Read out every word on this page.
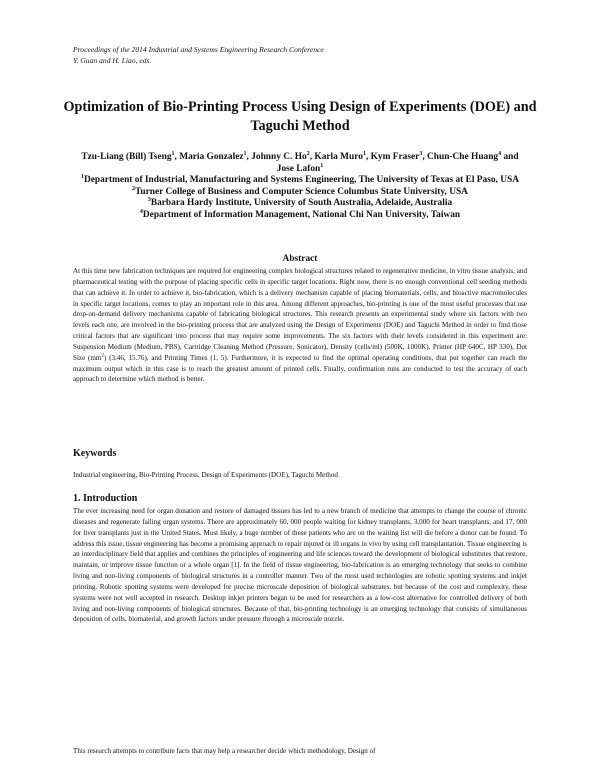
Proceedings of the 2014 Industrial and Systems Engineering Research Conference
Y. Guan and H. Liao, eds.
Optimization of Bio-Printing Process Using Design of Experiments (DOE) and Taguchi Method
Tzu-Liang (Bill) Tseng$^1$, Maria Gonzalez$^1$, Johnny C. Ho$^2$, Karla Muro$^1$, Kym Fraser$^3$, Chun-Che Huang$^4$ and Jose Lafon$^1$
$^1$Department of Industrial, Manufacturing and Systems Engineering, The University of Texas at El Paso, USA
$^2$Turner College of Business and Computer Science Columbus State University, USA
$^3$Barbara Hardy Institute, University of South Australia, Adelaide, Australia
$^4$Department of Information Management, National Chi Nan University, Taiwan
Abstract
At this time new fabrication techniques are required for engineering complex biological structures related to regenerative medicine, in vitro tissue analysis, and pharmaceutical testing with the purpose of placing specific cells in specific target locations. Right now, there is no enough conventional cell seeding methods that can achieve it. In order to achieve it, bio-fabrication, which is a delivery mechanism capable of placing biomaterials, cells, and bioactive macromolecules in specific target locations, comes to play an important role in this area. Among different approaches, bio-printing is one of the most useful processes that use drop-on-demand delivery mechanisms capable of fabricating biological structures. This research presents an experimental study where six factors with two levels each one, are involved in the bio-printing process that are analyzed using the Design of Experiments (DOE) and Taguchi Method in order to find those critical factors that are significant into process that may require some improvements. The six factors with their levels considered in this experiment are: Suspension Medium (Medium, PBS), Cartridge Cleaning Method (Pressure, Sonicator), Density (cells/ml) (500K, 1000K), Printer (HP 640C, HP 330), Dot Size $(mm^2)$ (3.46, 15.76), and Printing Times (1, 5). Furthermore, it is expected to find the optimal operating conditions, that put together can reach the maximum output which in this case is to reach the greatest amount of printed cells. Finally, confirmation runs are conducted to test the accuracy of each approach to determine which method is better.
Keywords
Industrial engineering, Bio-Printing Process, Design of Experiments (DOE), Taguchi Method
1. Introduction
The ever increasing need for organ donation and restore of damaged tissues has led to a new branch of medicine that attempts to change the course of chronic diseases and regenerate failing organ systems. There are approximately 60, 000 people waiting for kidney transplants, 3,000 for heart transplants, and 17, 000 for liver transplants just in the United States. Most likely, a huge number of these patients who are on the waiting list will die before a donor can be found. To address this issue, tissue engineering has become a promising approach to repair injured or ill organs in vivo by using cell transplantation. Tissue engineering is an interdisciplinary field that applies and combines the principles of engineering and life sciences toward the development of biological substitutes that restore, maintain, or improve tissue function or a whole organ [1]. In the field of tissue engineering, bio-fabrication is an emerging technology that seeks to combine living and non-living components of biological structures in a controller manner. Two of the most used technologies are robotic spotting systems and inkjet printing. Robotic spotting systems were developed for precise microscale deposition of biological substrates, but because of the cost and complexity, these systems were not well accepted in research. Desktop inkjet printers began to be used for researchers as a low-cost alternative for controlled delivery of both living and non-living components of biological structures. Because of that, bio-printing technology is an emerging technology that consists of simultaneous deposition of cells, biomaterial, and growth factors under pressure through a microscale nozzle.
This research attempts to contribute facts that may help a researcher decide which methodology, Design of
